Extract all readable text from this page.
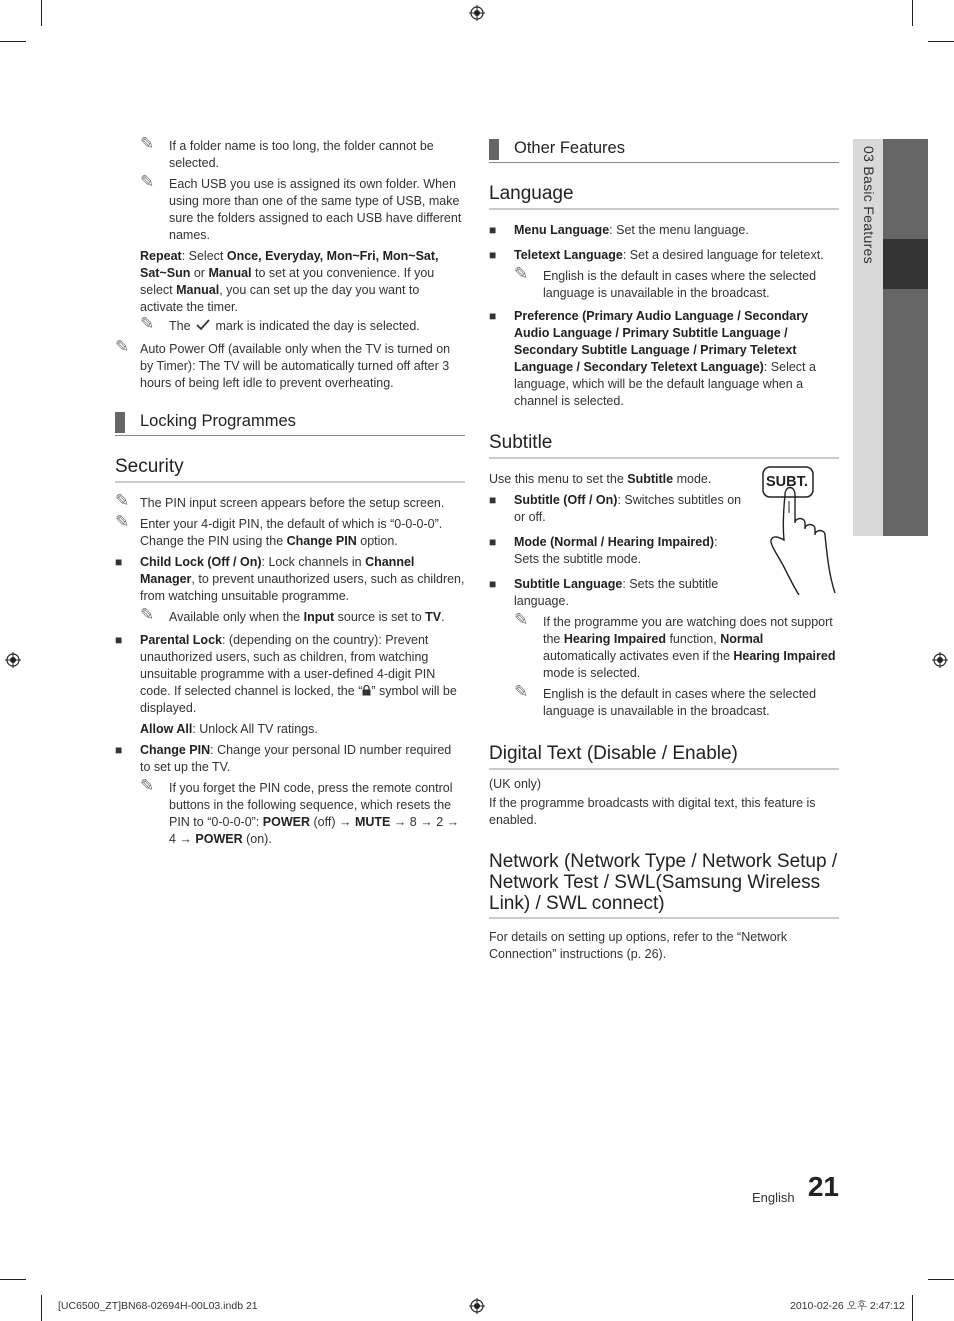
03 Basic Features
✎ If a folder name is too long, the folder cannot be selected.
✎ Each USB you use is assigned its own folder. When using more than one of the same type of USB, make sure the folders assigned to each USB have different names.

Repeat: Select Once, Everyday, Mon~Fri, Mon~Sat, Sat~Sun or Manual to set at you convenience. If you select Manual, you can set up the day you want to activate the timer.

✎ The mark is indicated the day is selected.
✎ Auto Power Off (available only when the TV is turned on by Timer): The TV will be automatically turned off after 3 hours of being left idle to prevent overheating.
Locking Programmes
Security
✎ The PIN input screen appears before the setup screen.
✎ Enter your 4-digit PIN, the default of which is “0-0-0-0”. Change the PIN using the Change PIN option.
■ Child Lock (Off / On): Lock channels in Channel Manager, to prevent unauthorized users, such as children, from watching unsuitable programme.
✎ Available only when the Input source is set to TV.
■ Parental Lock: (depending on the country): Prevent unauthorized users, such as children, from watching unsuitable programme with a user-defined 4-digit PIN code. If selected channel is locked, the “ ” symbol will be displayed.

Allow All: Unlock All TV ratings.

■ Change PIN: Change your personal ID number required to set up the TV.
✎ If you forget the PIN code, press the remote control buttons in the following sequence, which resets the PIN to “0-0-0-0”: POWER (off) → MUTE → 8 → 2 → 4 → POWER (on).
Other Features
Language
■ Menu Language: Set the menu language.
■ Teletext Language: Set a desired language for teletext.
✎ English is the default in cases where the selected language is unavailable in the broadcast.
■ Preference (Primary Audio Language / Secondary Audio Language / Primary Subtitle Language / Secondary Subtitle Language / Primary Teletext Language / Secondary Teletext Language): Select a language, which will be the default language when a channel is selected.
Subtitle
SUBT.

Use this menu to set the Subtitle mode.

■ Subtitle (Off / On): Switches subtitles on or off.
■ Mode (Normal / Hearing Impaired): Sets the subtitle mode.
■ Subtitle Language: Sets the subtitle language.
✎ If the programme you are watching does not support the Hearing Impaired function, Normal automatically activates even if the Hearing Impaired mode is selected.
✎ English is the default in cases where the selected language is unavailable in the broadcast.
Digital Text (Disable / Enable)

(UK only)

If the programme broadcasts with digital text, this feature is enabled.

Network (Network Type / Network Setup / Network Test / SWL(Samsung Wireless Link) / SWL connect)

For details on setting up options, refer to the “Network Connection” instructions (p. 26).

English 21
[UC6500_ZT]BN68-02694H-00L03.indb 21	2010-02-26 오후 2:47:12
